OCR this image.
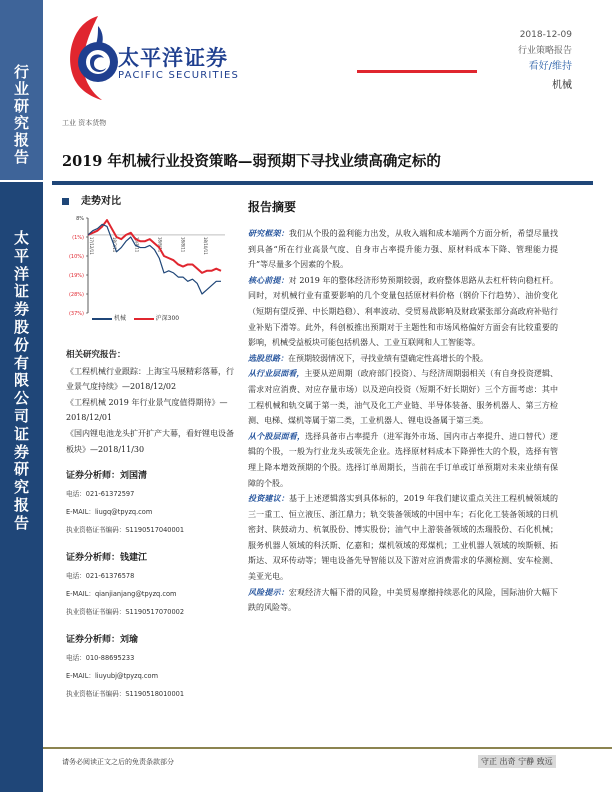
行
业
研
究
报
告
太
平
洋
证
券
股
份
有
限
公
司
证
券
研
究
报
告
太平洋证券
PACIFIC SECURITIES
2018-12-09
行业策略报告
看好/维持
机械
工业 资本货物
2019 年机械行业投资策略—弱预期下寻找业绩高确定标的
走势对比
8%
(1%)
(10%)
(19%)
(28%)
(37%)
17/12/11	18/2/11	18/4/11	18/6/11	18/8/11	18/10/11
机械	沪深300
相关研究报告：
《工程机械行业跟踪：上海宝马展精彩落幕，行业景气度持续》—2018/12/02
《工程机械 2019 年行业景气度值得期待》—2018/12/01
《国内锂电池龙头扩开扩产大幕，看好锂电设备板块》—2018/11/30
证券分析师：刘国清
电话：021-61372597
E-MAIL：liugq@tpyzq.com
执业资格证书编码：S1190517040001
证券分析师：钱建江
电话：021-61376578
E-MAIL：qianjianjang@tpyzq.com
执业资格证书编码：S1190517070002
证券分析师：刘瑜
电话：010-88695233
E-MAIL：liuyubj@tpyzq.com
执业资格证书编码：S1190518010001
报告摘要
研究框架：我们从个股的盈利能力出发，从收入端和成本端两个方面分析，希望尽量找到具备“所在行业高景气度、自身市占率提升能力强、原材料成本下降、管理能力提升”等尽量多个因素的个股。
核心前提：对 2019 年的整体经济形势预期较弱，政府整体思路从去杠杆转向稳杠杆。同时，对机械行业有重要影响的几个变量包括原材料价格（钢价下行趋势）、油价变化（短期有望反弹、中长期趋稳）、利率波动、受贸易战影响及财政紧张部分高政府补贴行业补贴下滑等。此外，科创板推出预期对于主题性和市场风格偏好方面会有比较重要的影响，机械受益板块可能包括机器人、工业互联网和人工智能等。
选股思路：在预期较弱情况下，寻找业绩有望确定性高增长的个股。
从行业层面看，主要从逆周期（政府部门投资）、与经济周期弱相关（有自身投资逻辑、需求对应消费、对应存量市场）以及逆向投资（短期不好长期好）三个方面考虑：其中工程机械和轨交属于第一类，油气及化工产业链、半导体装备、服务机器人、第三方检测、电梯、煤机等属于第二类，工业机器人、锂电设备属于第三类。
从个股层面看，选择具备市占率提升（进军海外市场、国内市占率提升、进口替代）逻辑的个股，一般为行业龙头或领先企业。选择原材料成本下降弹性大的个股，选择有管理上降本增效预期的个股。选择订单周期长，当前在手订单或订单预期对未来业绩有保障的个股。
投资建议：基于上述逻辑落实到具体标的，2019 年我们建议重点关注工程机械领域的三一重工、恒立液压、浙江鼎力；轨交装备领域的中国中车；石化化工装备领域的日机密封、陕鼓动力、杭氧股份、博实股份；油气中上游装备领域的杰瑞股份、石化机械；服务机器人领域的科沃斯、亿嘉和；煤机领域的郑煤机；工业机器人领域的埃斯顿、拓斯达、双环传动等；锂电设备先导智能以及下游对应消费需求的华测检测、安车检测、美亚光电。
风险提示：宏观经济大幅下滑的风险，中美贸易摩擦持续恶化的风险，国际油价大幅下跌的风险等。
请务必阅读正文之后的免责条款部分	守正 出奇 宁静 致远
